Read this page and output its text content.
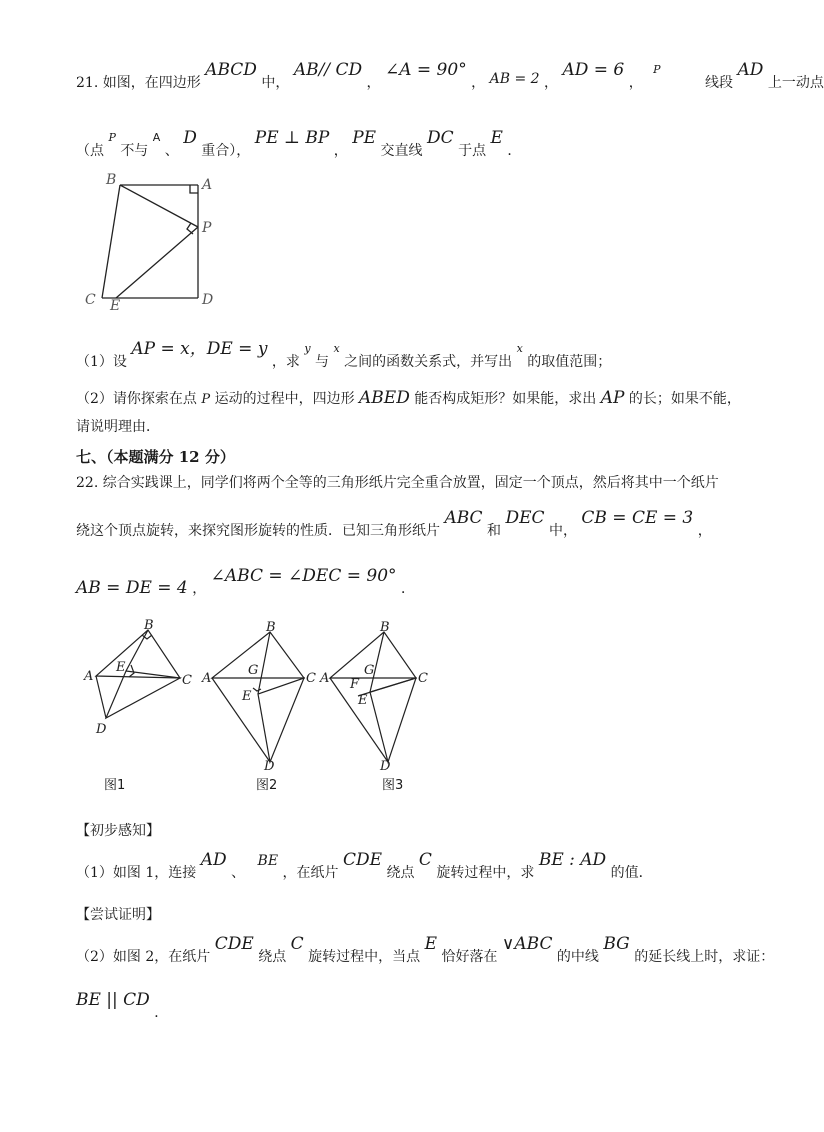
21. 如图，在四边形 ABCD 中， AB// CD ， ∠A = 90° ， AB = 2 ， AD = 6 ， $^P$ 线段 AD 上一动点
（点 $^P$ 不与 $^A$ 、 D 重合）， PE ⊥ BP ， PE 交直线 DC 于点 E ．
B	A
P
C E	D
（1）设 AP = x，DE = y ，求 $^y$ 与 $^x$ 之间的函数关系式，并写出 $^x$ 的取值范围；
（2）请你探索在点 P 运动的过程中，四边形 ABED 能否构成矩形？如果能，求出 AP 的长；如果不能，
请说明理由．
七、（本题满分 12 分）
22. 综合实践课上，同学们将两个全等的三角形纸片完全重合放置，固定一个顶点，然后将其中一个纸片
绕这个顶点旋转，来探究图形旋转的性质．已知三角形纸片 ABC 和 DEC 中， CB = CE = 3 ，
AB = DE = 4 ， ∠ABC = ∠DEC = 90° ．
B
A	C
E
D
图1
B
A	C
G
E
D
图2
B
A	C
G
F
E
D
图3
【初步感知】
（1）如图 1，连接 AD 、 BE ，在纸片 CDE 绕点 C 旋转过程中，求 BE : AD 的值．
【尝试证明】
（2）如图 2，在纸片 CDE 绕点 C 旋转过程中，当点 E 恰好落在 ∨ABC 的中线 BG 的延长线上时，求证：
BE || CD ．
